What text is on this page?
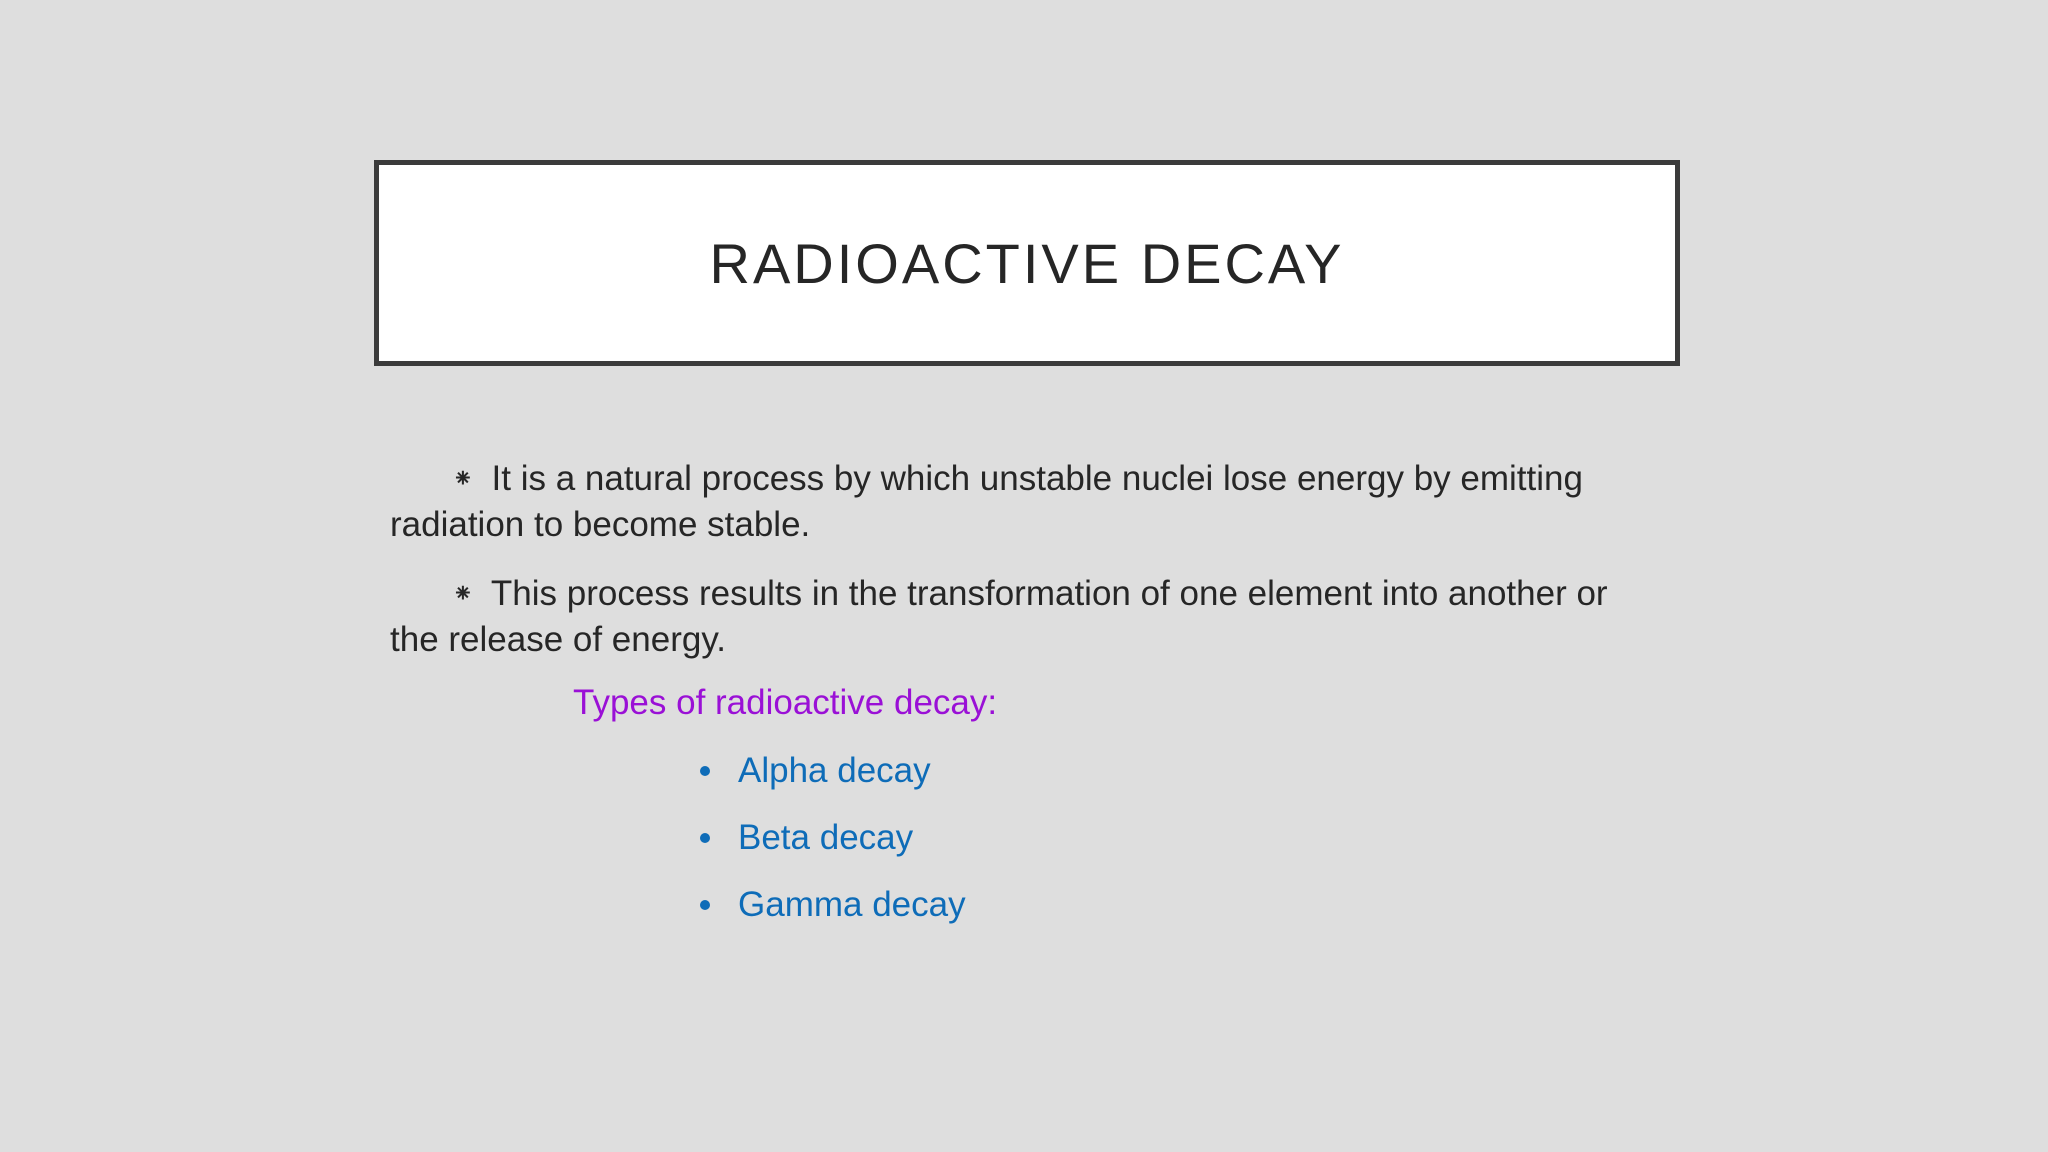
RADIOACTIVE DECAY

⁕ It is a natural process by which unstable nuclei lose energy by emitting radiation to become stable.

⁕ This process results in the transformation of one element into another or the release of energy.

Types of radioactive decay:

Alpha decay
Beta decay
Gamma decay
